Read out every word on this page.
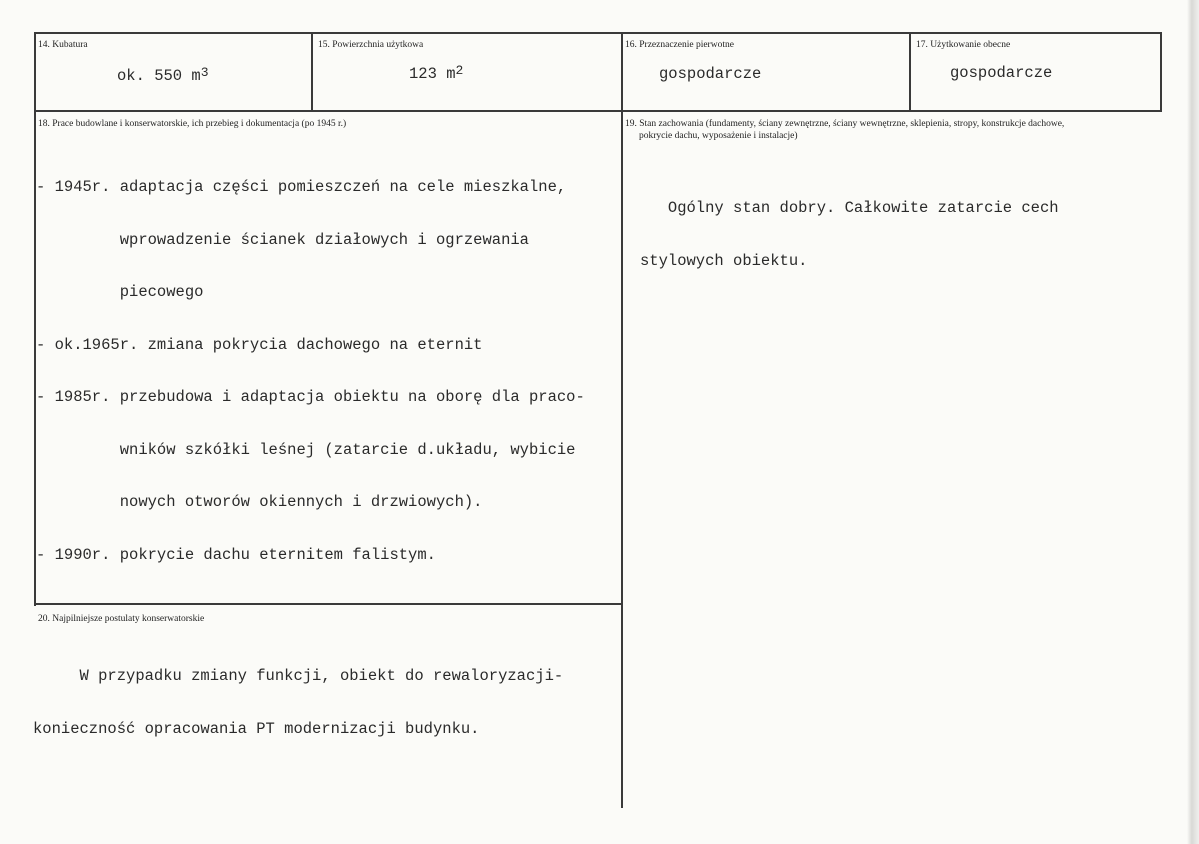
14. Kubatura
ok. 550 $m^3$
15. Powierzchnia użytkowa
123 $m^2$
16. Przeznaczenie pierwotne
gospodarcze
17. Użytkowanie obecne
gospodarcze
18. Prace budowlane i konserwatorskie, ich przebieg i dokumentacja (po 1945 r.)

- 1945r. adaptacja części pomieszczeń na cele mieszkalne,

wprowadzenie ścianek działowych i ogrzewania

piecowego

- ok.1965r. zmiana pokrycia dachowego na eternit

- 1985r. przebudowa i adaptacja obiektu na oborę dla praco-

wników szkółki leśnej (zatarcie d.układu, wybicie

nowych otworów okiennych i drzwiowych).

- 1990r. pokrycie dachu eternitem falistym.

19. Stan zachowania (fundamenty, ściany zewnętrzne, ściany wewnętrzne, sklepienia, stropy, konstrukcje dachowe,
pokrycie dachu, wyposażenie i instalacje)

Ogólny stan dobry. Całkowite zatarcie cech

stylowych obiektu.

20. Najpilniejsze postulaty konserwatorskie

W przypadku zmiany funkcji, obiekt do rewaloryzacji-

konieczność opracowania PT modernizacji budynku.
